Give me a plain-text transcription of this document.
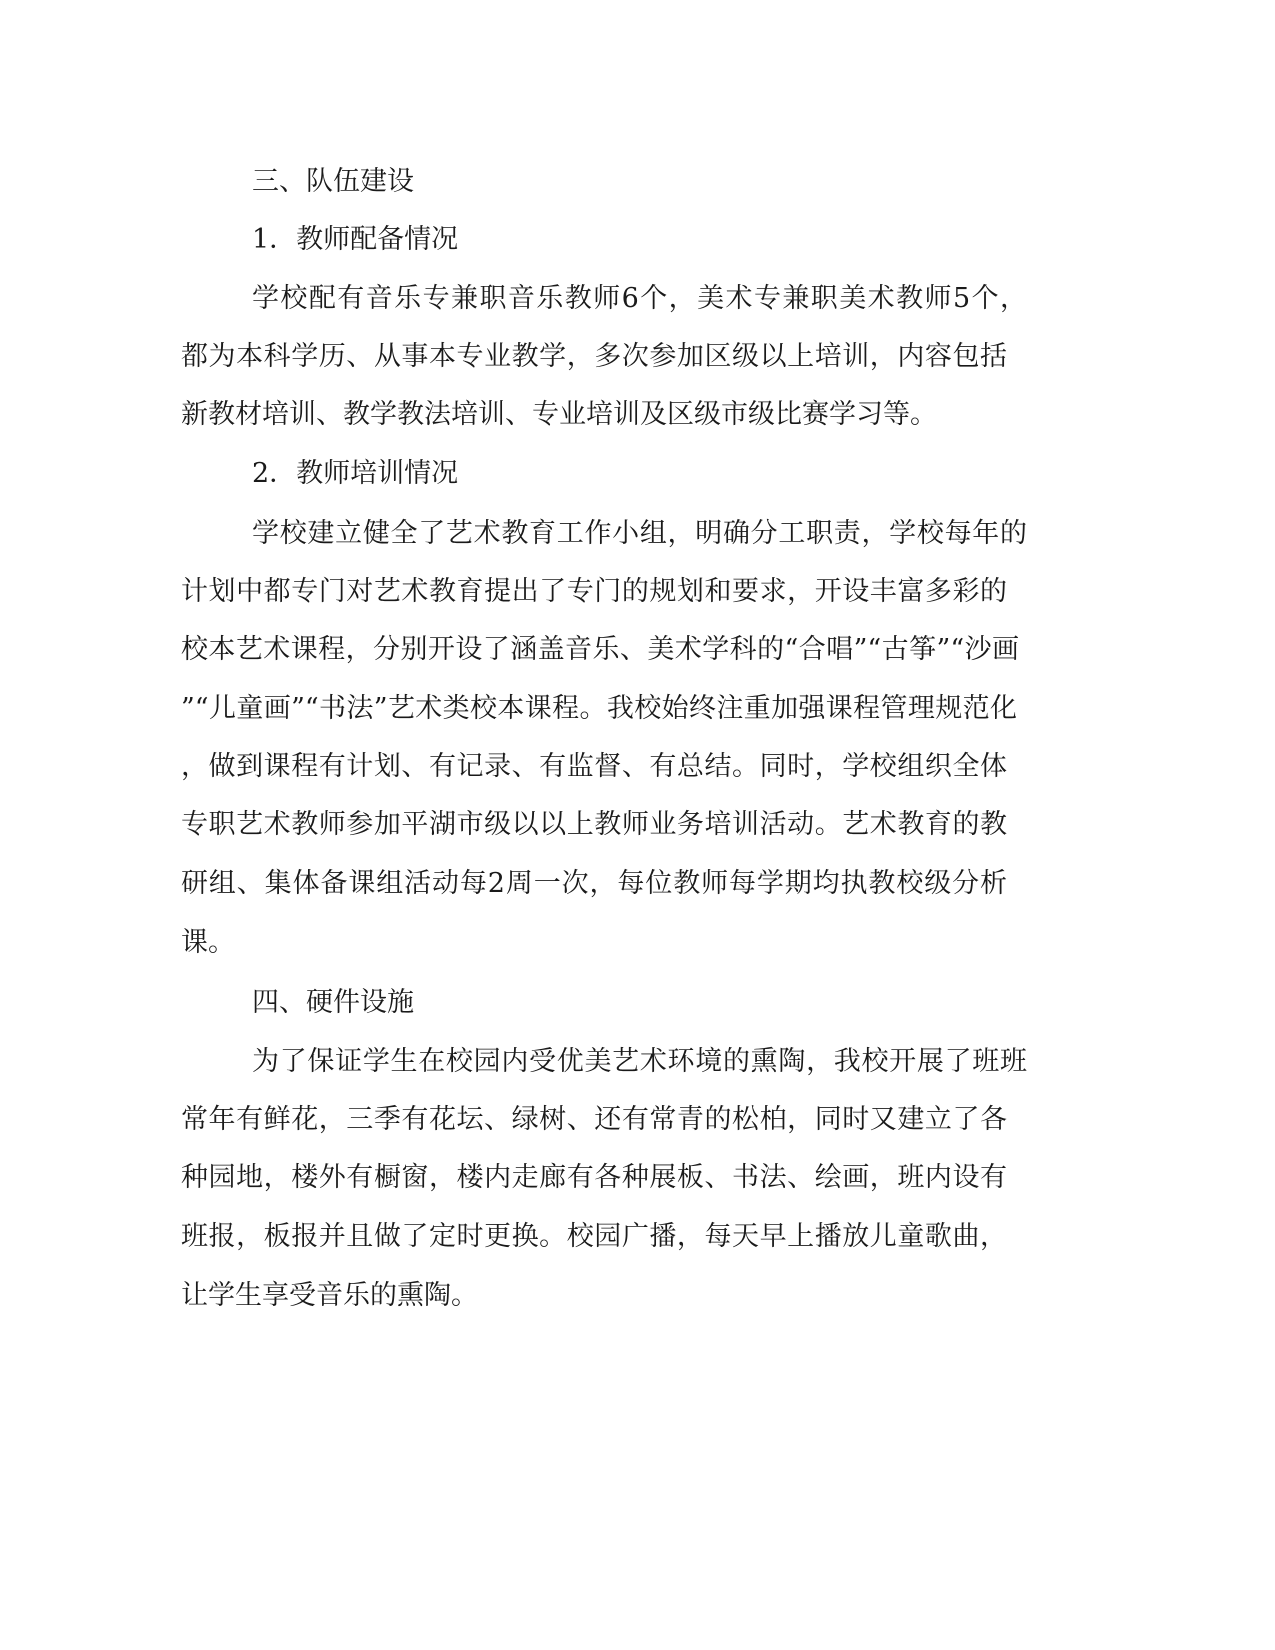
三、队伍建设
1．教师配备情况
学校配有音乐专兼职音乐教师6个，美术专兼职美术教师5个，
都为本科学历、从事本专业教学，多次参加区级以上培训，内容包括
新教材培训、教学教法培训、专业培训及区级市级比赛学习等。
2．教师培训情况
学校建立健全了艺术教育工作小组，明确分工职责，学校每年的
计划中都专门对艺术教育提出了专门的规划和要求，开设丰富多彩的
校本艺术课程，分别开设了涵盖音乐、美术学科的“合唱”“古筝”“沙画
”“儿童画”“书法”艺术类校本课程。我校始终注重加强课程管理规范化
，做到课程有计划、有记录、有监督、有总结。同时，学校组织全体
专职艺术教师参加平湖市级以以上教师业务培训活动。艺术教育的教
研组、集体备课组活动每2周一次，每位教师每学期均执教校级分析
课。
四、硬件设施
为了保证学生在校园内受优美艺术环境的熏陶，我校开展了班班
常年有鲜花，三季有花坛、绿树、还有常青的松柏，同时又建立了各
种园地，楼外有橱窗，楼内走廊有各种展板、书法、绘画，班内设有
班报，板报并且做了定时更换。校园广播，每天早上播放儿童歌曲，
让学生享受音乐的熏陶。
